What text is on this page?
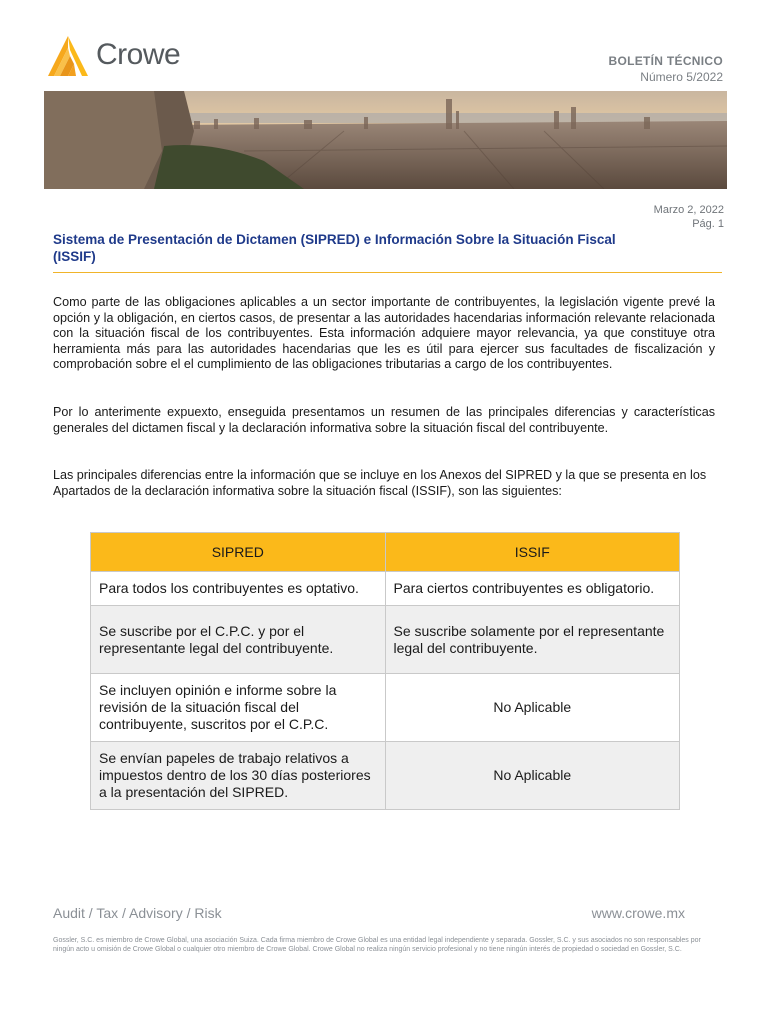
Crowe	BOLETÍN TÉCNICO
Número 5/2022
Marzo 2, 2022
Pág. 1
Sistema de Presentación de Dictamen (SIPRED) e Información Sobre la Situación Fiscal (ISSIF)

Como parte de las obligaciones aplicables a un sector importante de contribuyentes, la legislación vigente prevé la opción y la obligación, en ciertos casos, de presentar a las autoridades hacendarias información relevante relacionada con la situación fiscal de los contribuyentes. Esta información adquiere mayor relevancia, ya que constituye otra herramienta más para las autoridades hacendarias que les es útil para ejercer sus facultades de fiscalización y comprobación sobre el el cumplimiento de las obligaciones tributarias a cargo de los contribuyentes.

Por lo anterimente expuexto, enseguida presentamos un resumen de las principales diferencias y características generales del dictamen fiscal y la declaración informativa sobre la situación fiscal del contribuyente.

Las principales diferencias entre la información que se incluye en los Anexos del SIPRED y la que se presenta en los Apartados de la declaración informativa sobre la situación fiscal (ISSIF), son las siguientes:

SIPRED	ISSIF
Para todos los contribuyentes es optativo.	Para ciertos contribuyentes es obligatorio.
Se suscribe por el C.P.C. y por el representante legal del contribuyente.	Se suscribe solamente por el representante legal del contribuyente.
Se incluyen opinión e informe sobre la revisión de la situación fiscal del contribuyente, suscritos por el C.P.C.	No Aplicable
Se envían papeles de trabajo relativos a impuestos dentro de los 30 días posteriores a la presentación del SIPRED.	No Aplicable
Audit / Tax / Advisory / Risk	www.crowe.mx
Gossler, S.C. es miembro de Crowe Global, una asociación Suiza. Cada firma miembro de Crowe Global es una entidad legal independiente y separada. Gossler, S.C. y sus asociados no son responsables por ningún acto u omisión de Crowe Global o cualquier otro miembro de Crowe Global. Crowe Global no realiza ningún servicio profesional y no tiene ningún interés de propiedad o sociedad en Gossler, S.C.
